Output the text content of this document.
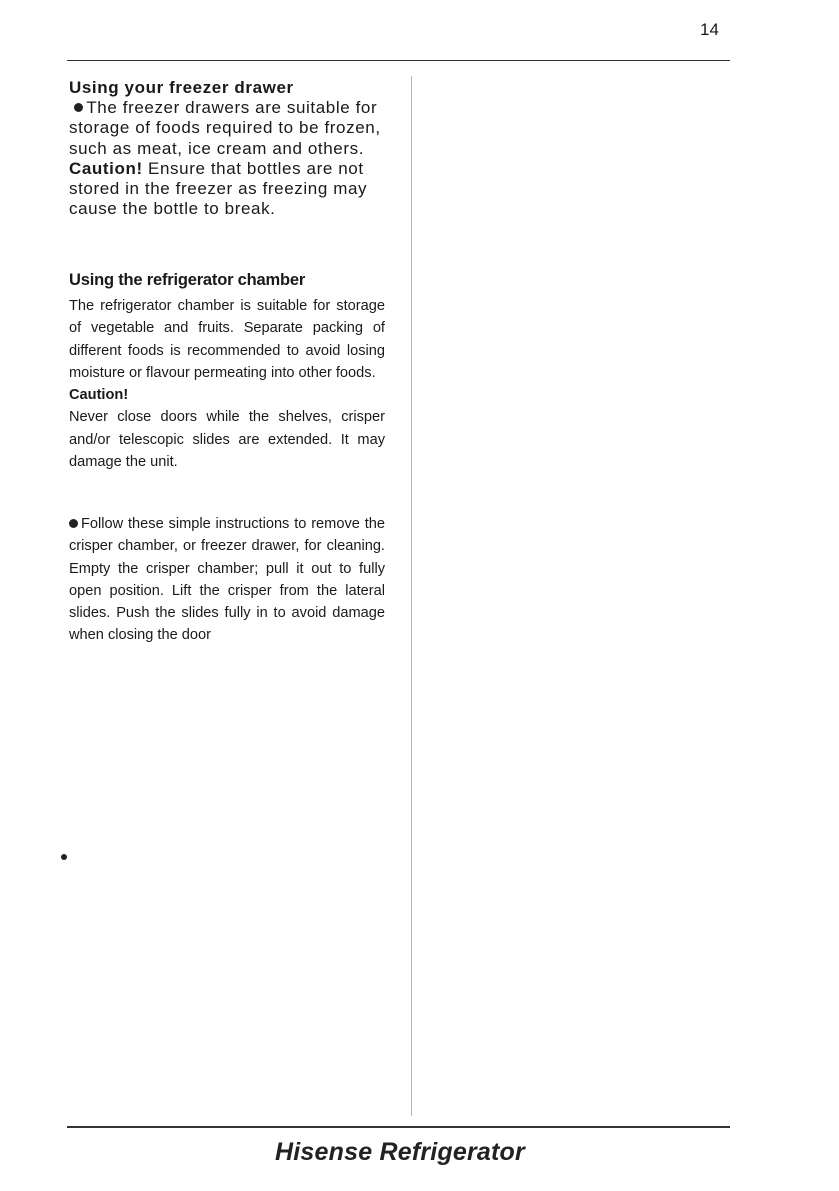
14
Using your freezer drawer

The freezer drawers are suitable for storage of foods required to be frozen, such as meat, ice cream and others.

Caution! Ensure that bottles are not stored in the freezer as freezing may cause the bottle to break.

Using the refrigerator chamber

The refrigerator chamber is suitable for storage of vegetable and fruits. Separate packing of different foods is recommended to avoid losing moisture or flavour permeating into other foods.

Caution!

Never close doors while the shelves, crisper and/or telescopic slides are extended. It may damage the unit.

Follow these simple instructions to remove the crisper chamber, or freezer drawer, for cleaning. Empty the crisper chamber; pull it out to fully open position. Lift the crisper from the lateral slides. Push the slides fully in to avoid damage when closing the door

Hisense Refrigerator
